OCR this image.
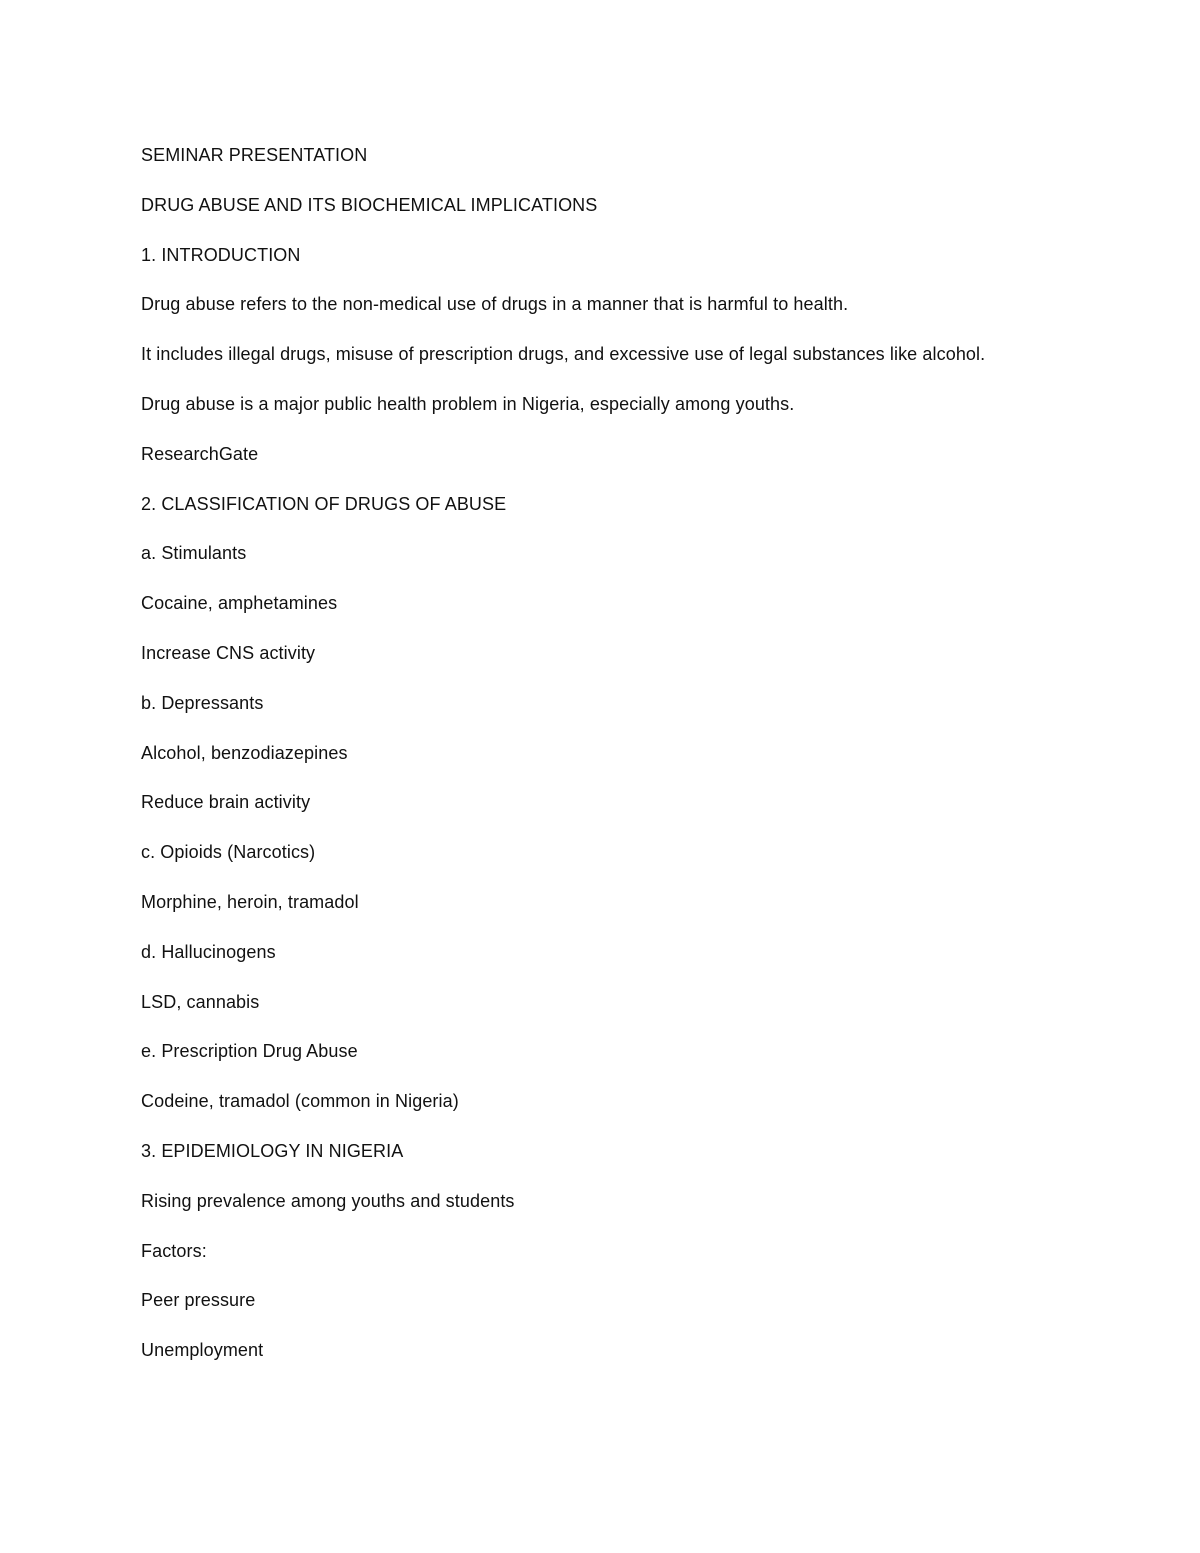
SEMINAR PRESENTATION

DRUG ABUSE AND ITS BIOCHEMICAL IMPLICATIONS

1. INTRODUCTION

Drug abuse refers to the non-medical use of drugs in a manner that is harmful to health.

It includes illegal drugs, misuse of prescription drugs, and excessive use of legal substances like alcohol.

Drug abuse is a major public health problem in Nigeria, especially among youths.

ResearchGate

2. CLASSIFICATION OF DRUGS OF ABUSE

a. Stimulants

Cocaine, amphetamines

Increase CNS activity

b. Depressants

Alcohol, benzodiazepines

Reduce brain activity

c. Opioids (Narcotics)

Morphine, heroin, tramadol

d. Hallucinogens

LSD, cannabis

e. Prescription Drug Abuse

Codeine, tramadol (common in Nigeria)

3. EPIDEMIOLOGY IN NIGERIA

Rising prevalence among youths and students

Factors:

Peer pressure

Unemployment
